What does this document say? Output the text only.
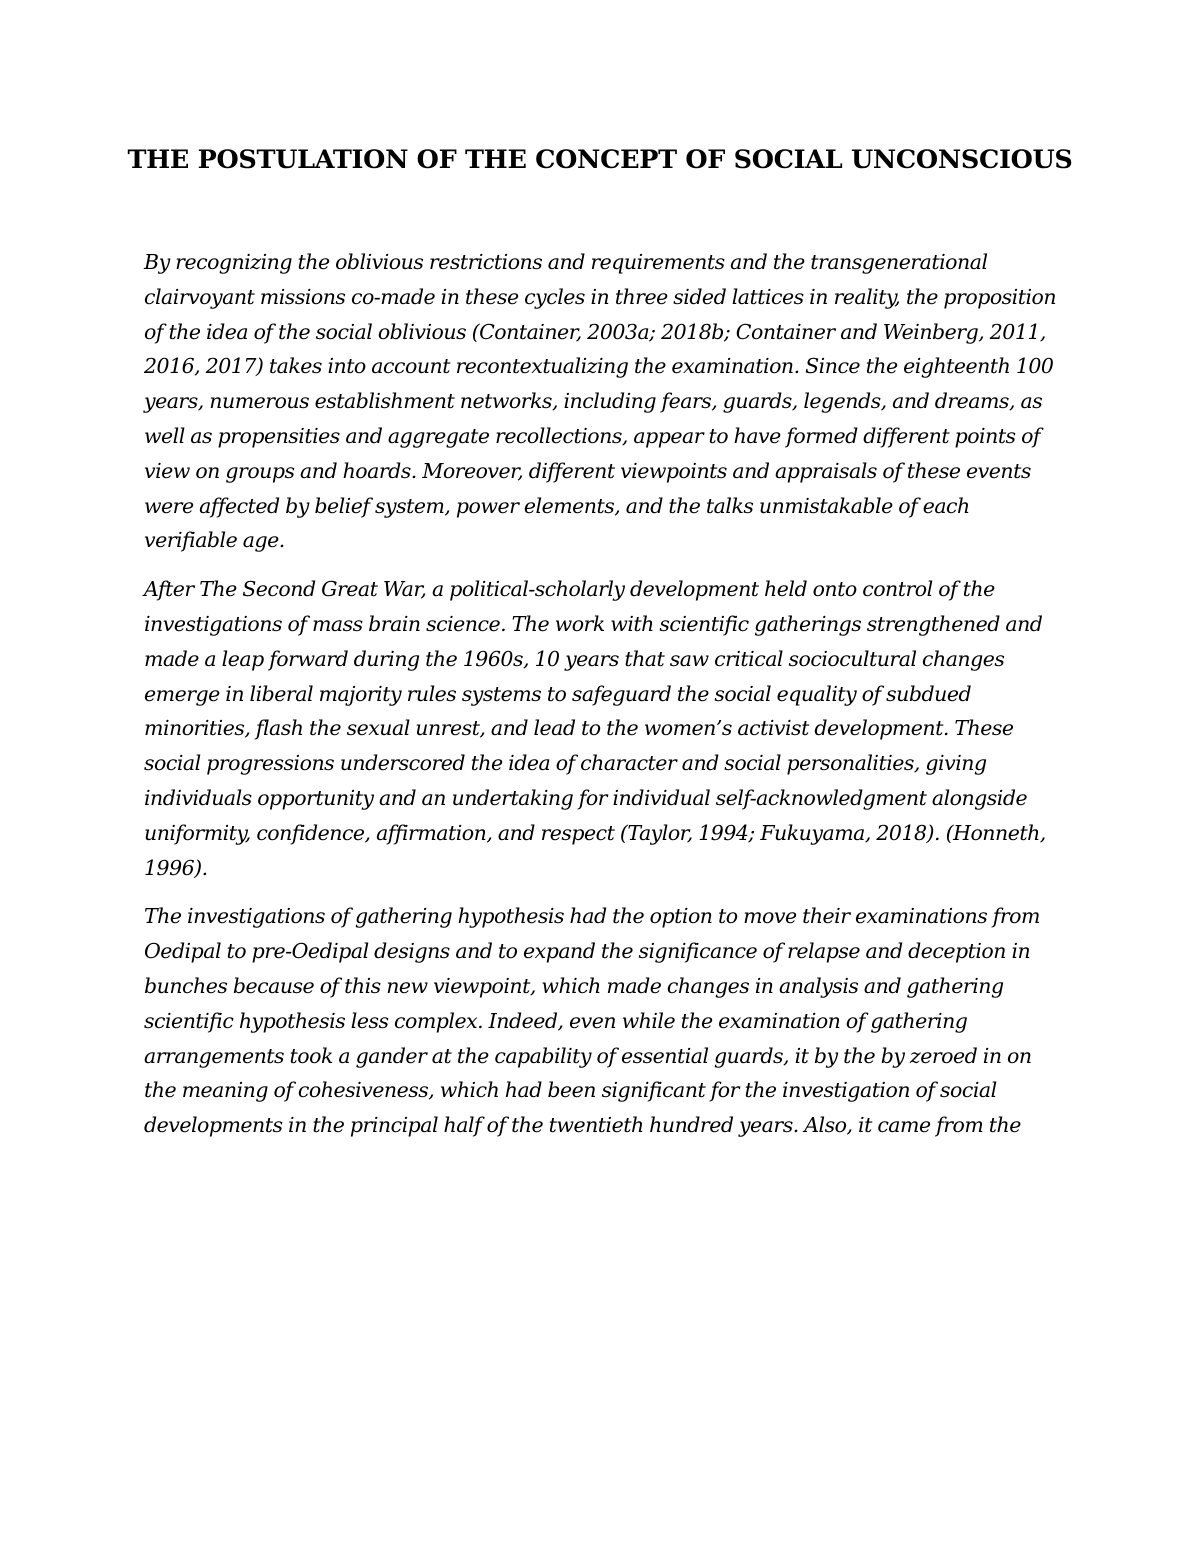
THE POSTULATION OF THE CONCEPT OF SOCIAL UNCONSCIOUS

By recognizing the oblivious restrictions and requirements and the transgenerational clairvoyant missions co-made in these cycles in three sided lattices in reality, the proposition of the idea of the social oblivious (Container, 2003a; 2018b; Container and Weinberg, 2011, 2016, 2017) takes into account recontextualizing the examination. Since the eighteenth 100 years, numerous establishment networks, including fears, guards, legends, and dreams, as well as propensities and aggregate recollections, appear to have formed different points of view on groups and hoards. Moreover, different viewpoints and appraisals of these events were affected by belief system, power elements, and the talks unmistakable of each verifiable age.

After The Second Great War, a political-scholarly development held onto control of the investigations of mass brain science. The work with scientific gatherings strengthened and made a leap forward during the 1960s, 10 years that saw critical sociocultural changes emerge in liberal majority rules systems to safeguard the social equality of subdued minorities, flash the sexual unrest, and lead to the women’s activist development. These social progressions underscored the idea of character and social personalities, giving individuals opportunity and an undertaking for individual self-acknowledgment alongside uniformity, confidence, affirmation, and respect (Taylor, 1994; Fukuyama, 2018). (Honneth, 1996).

The investigations of gathering hypothesis had the option to move their examinations from Oedipal to pre-Oedipal designs and to expand the significance of relapse and deception in bunches because of this new viewpoint, which made changes in analysis and gathering scientific hypothesis less complex. Indeed, even while the examination of gathering arrangements took a gander at the capability of essential guards, it by the by zeroed in on the meaning of cohesiveness, which had been significant for the investigation of social developments in the principal half of the twentieth hundred years. Also, it came from the
